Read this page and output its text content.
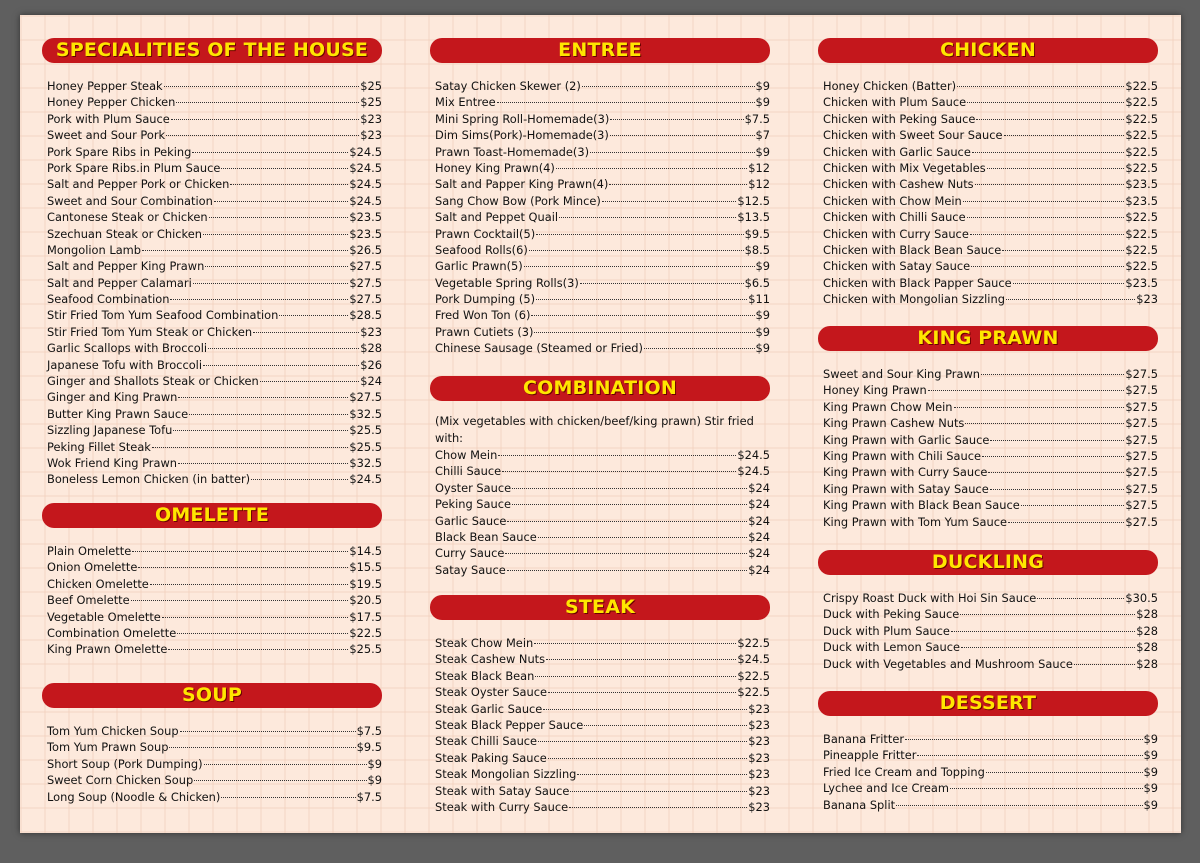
SPECIALITIES OF THE HOUSE
Honey Pepper Steak	$25
Honey Pepper Chicken	$25
Pork with Plum Sauce	$23
Sweet and Sour Pork	$23
Pork Spare Ribs in Peking	$24.5
Pork Spare Ribs.in Plum Sauce	$24.5
Salt and Pepper Pork or Chicken	$24.5
Sweet and Sour Combination	$24.5
Cantonese Steak or Chicken	$23.5
Szechuan Steak or Chicken	$23.5
Mongolion Lamb	$26.5
Salt and Pepper King Prawn	$27.5
Salt and Pepper Calamari	$27.5
Seafood Combination	$27.5
Stir Fried Tom Yum Seafood Combination	$28.5
Stir Fried Tom Yum Steak or Chicken	$23
Garlic Scallops with Broccoli	$28
Japanese Tofu with Broccoli	$26
Ginger and Shallots Steak or Chicken	$24
Ginger and King Prawn	$27.5
Butter King Prawn Sauce	$32.5
Sizzling Japanese Tofu	$25.5
Peking Fillet Steak	$25.5
Wok Friend King Prawn	$32.5
Boneless Lemon Chicken (in batter)	$24.5
OMELETTE
Plain Omelette	$14.5
Onion Omelette	$15.5
Chicken Omelette	$19.5
Beef Omelette	$20.5
Vegetable Omelette	$17.5
Combination Omelette	$22.5
King Prawn Omelette	$25.5
SOUP
Tom Yum Chicken Soup	$7.5
Tom Yum Prawn Soup	$9.5
Short Soup (Pork Dumping)	$9
Sweet Corn Chicken Soup	$9
Long Soup (Noodle & Chicken)	$7.5
ENTREE
Satay Chicken Skewer (2)	$9
Mix Entree	$9
Mini Spring Roll-Homemade(3)	$7.5
Dim Sims(Pork)-Homemade(3)	$7
Prawn Toast-Homemade(3)	$9
Honey King Prawn(4)	$12
Salt and Papper King Prawn(4)	$12
Sang Chow Bow (Pork Mince)	$12.5
Salt and Peppet Quail	$13.5
Prawn Cocktail(5)	$9.5
Seafood Rolls(6)	$8.5
Garlic Prawn(5)	$9
Vegetable Spring Rolls(3)	$6.5
Pork Dumping (5)	$11
Fred Won Ton (6)	$9
Prawn Cutiets (3)	$9
Chinese Sausage (Steamed or Fried)	$9
COMBINATION
(Mix vegetables with chicken/beef/king prawn) Stir fried with:
Chow Mein	$24.5
Chilli Sauce	$24.5
Oyster Sauce	$24
Peking Sauce	$24
Garlic Sauce	$24
Black Bean Sauce	$24
Curry Sauce	$24
Satay Sauce	$24
STEAK
Steak Chow Mein	$22.5
Steak Cashew Nuts	$24.5
Steak Black Bean	$22.5
Steak Oyster Sauce	$22.5
Steak Garlic Sauce	$23
Steak Black Pepper Sauce	$23
Steak Chilli Sauce	$23
Steak Paking Sauce	$23
Steak Mongolian Sizzling	$23
Steak with Satay Sauce	$23
Steak with Curry Sauce	$23
CHICKEN
Honey Chicken (Batter)	$22.5
Chicken with Plum Sauce	$22.5
Chicken with Peking Sauce	$22.5
Chicken with Sweet Sour Sauce	$22.5
Chicken with Garlic Sauce	$22.5
Chicken with Mix Vegetables	$22.5
Chicken with Cashew Nuts	$23.5
Chicken with Chow Mein	$23.5
Chicken with Chilli Sauce	$22.5
Chicken with Curry Sauce	$22.5
Chicken with Black Bean Sauce	$22.5
Chicken with Satay Sauce	$22.5
Chicken with Black Papper Sauce	$23.5
Chicken with Mongolian Sizzling	$23
KING PRAWN
Sweet and Sour King Prawn	$27.5
Honey King Prawn	$27.5
King Prawn Chow Mein	$27.5
King Prawn Cashew Nuts	$27.5
King Prawn with Garlic Sauce	$27.5
King Prawn with Chili Sauce	$27.5
King Prawn with Curry Sauce	$27.5
King Prawn with Satay Sauce	$27.5
King Prawn with Black Bean Sauce	$27.5
King Prawn with Tom Yum Sauce	$27.5
DUCKLING
Crispy Roast Duck with Hoi Sin Sauce	$30.5
Duck with Peking Sauce	$28
Duck with Plum Sauce	$28
Duck with Lemon Sauce	$28
Duck with Vegetables and Mushroom Sauce	$28
DESSERT
Banana Fritter	$9
Pineapple Fritter	$9
Fried Ice Cream and Topping	$9
Lychee and Ice Cream	$9
Banana Split	$9
